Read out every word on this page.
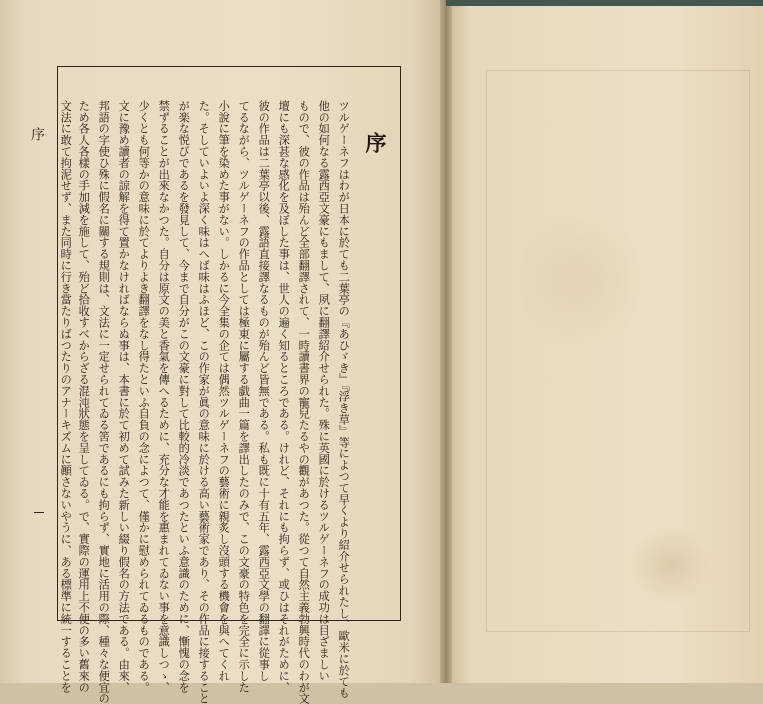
序	序
ツルゲーネフはわが日本に於ても二葉亭の『あひゞき』『浮き草』等によつて早くより紹介せられたし、歐米に於ても
他の如何なる露西亞文豪にもまして、夙に翻譯紹介せられた。殊に英國に於けるツルゲーネフの成功は目ざましい
もので、彼の作品は殆んど全部翻譯されて、一時讀書界の寵兒たるやの觀があつた。從つて自然主義勃興時代のわが文
壇にも深甚な感化を及ぼした事は、世人の遍く知るところである。けれど、それにも拘らず、或ひはそれがために、
彼の作品は二葉亭以後、露語直接譯なるものが殆んど皆無である。私も既に十有五年、露西亞文學の翻譯に從事し
てるながら、ツルゲーネフの作品としては極東に屬する戯曲一篇を譯出したのみで、この文豪の特色を完全に示した
小說に筆を染めた事がない。しかるに今全集の企ては偶然ツルゲーネフの藝術に親炙し沒頭する機會を與へてくれ
た。そしていよいよ深く味はへば味はふほど、この作家が眞の意味に於ける高い藝術家であり、その作品に接すること
が楽な悦びであるを發見して、今まで自分がこの文豪に對して比較的冷淡であつたといふ意識のために、慚愧の念を
禁ずることが出來なかつた。自分は原文の美と香氣を傳へるために、充分な才能を惠まれてゐない事を意識しつゝ、
少くとも何等かの意味に於てよりよき翻譯をなし得たといふ自負の念によつて、僅かに慰められてゐるものである。
文に豫め讀者の諒解を得て置かなければならぬ事は、本書に於て初めて試みた新しい綴り假名の方法である。由來、
邦語の字使ひ殊に假名に關する規則は、文法に一定せられてゐる筈であるにも拘らず、實地に活用の際、種々な便宜の
ため各人各樣の手加減を施して、殆ど拾收すべからざる混沌狀態を呈してゐる。で、實際の運用上不便の多い舊來の
文法に敢て拘泥せず、また同時に行き當たりばつたりのアナーキズムに顚さないやうに、ある標準に統一することを
